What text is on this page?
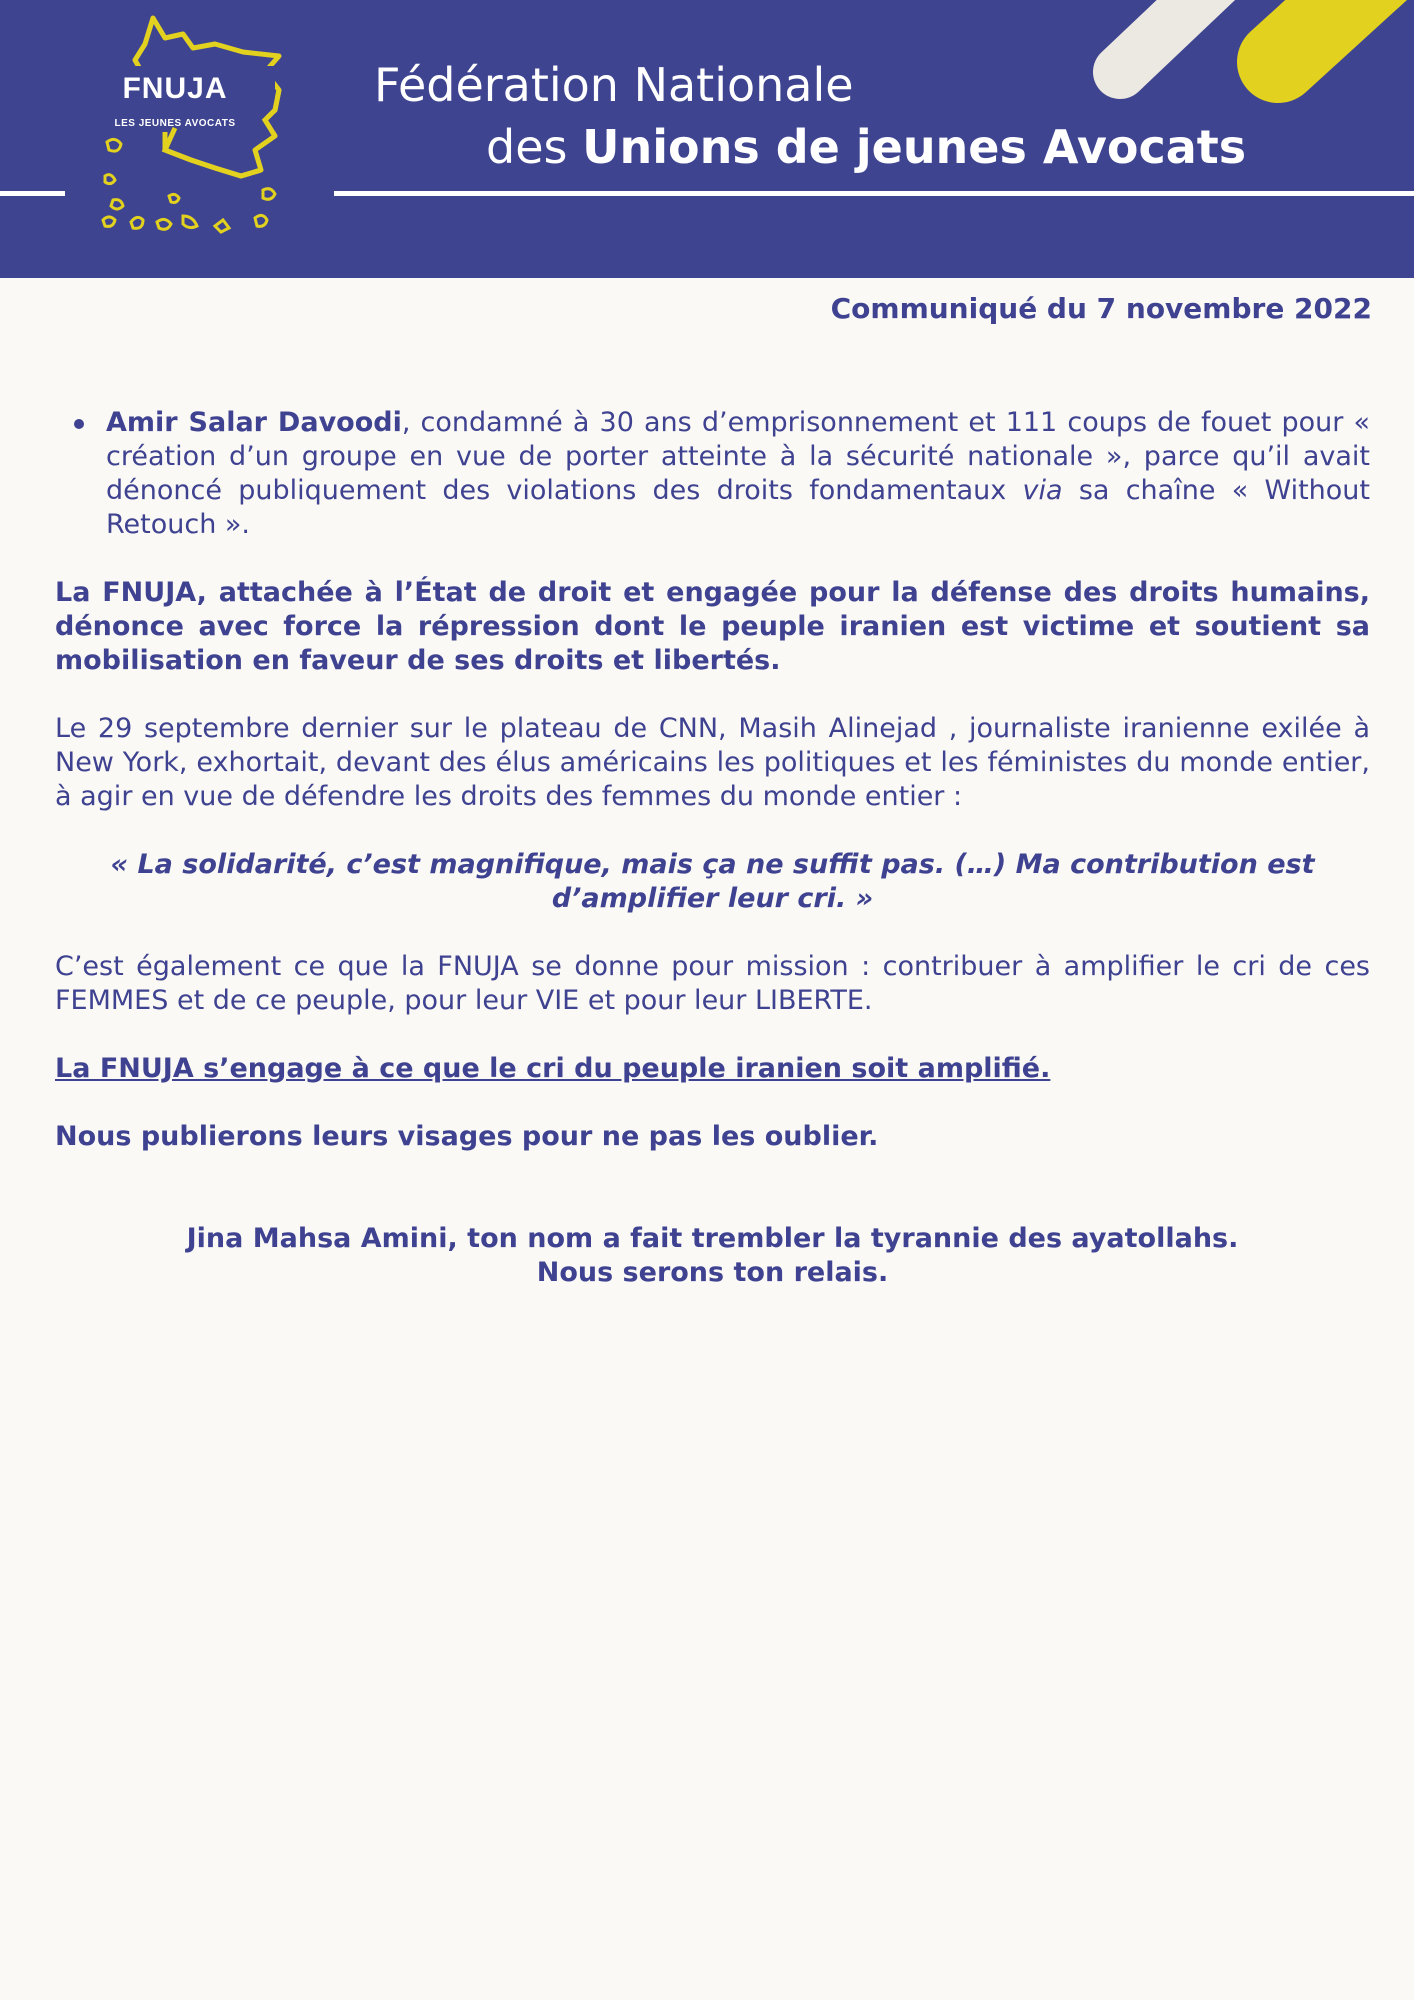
FNUJA
LES JEUNES AVOCATS
Fédération Nationale
des Unions de jeunes Avocats
Communiqué du 7 novembre 2022
Amir Salar Davoodi, condamné à 30 ans d’emprisonnement et 111 coups de fouet pour « création d’un groupe en vue de porter atteinte à la sécurité nationale », parce qu’il avait dénoncé publiquement des violations des droits fondamentaux via sa chaîne « Without Retouch ».

La FNUJA, attachée à l’État de droit et engagée pour la défense des droits humains, dénonce avec force la répression dont le peuple iranien est victime et soutient sa mobilisation en faveur de ses droits et libertés.

Le 29 septembre dernier sur le plateau de CNN, Masih Alinejad , journaliste iranienne exilée à New York, exhortait, devant des élus américains les politiques et les féministes du monde entier, à agir en vue de défendre les droits des femmes du monde entier :

« La solidarité, c’est magnifique, mais ça ne suffit pas. (…) Ma contribution est d’amplifier leur cri. »

C’est également ce que la FNUJA se donne pour mission : contribuer à amplifier le cri de ces FEMMES et de ce peuple, pour leur VIE et pour leur LIBERTE.

La FNUJA s’engage à ce que le cri du peuple iranien soit amplifié.

Nous publierons leurs visages pour ne pas les oublier.

Jina Mahsa Amini, ton nom a fait trembler la tyrannie des ayatollahs.

Nous serons ton relais.
